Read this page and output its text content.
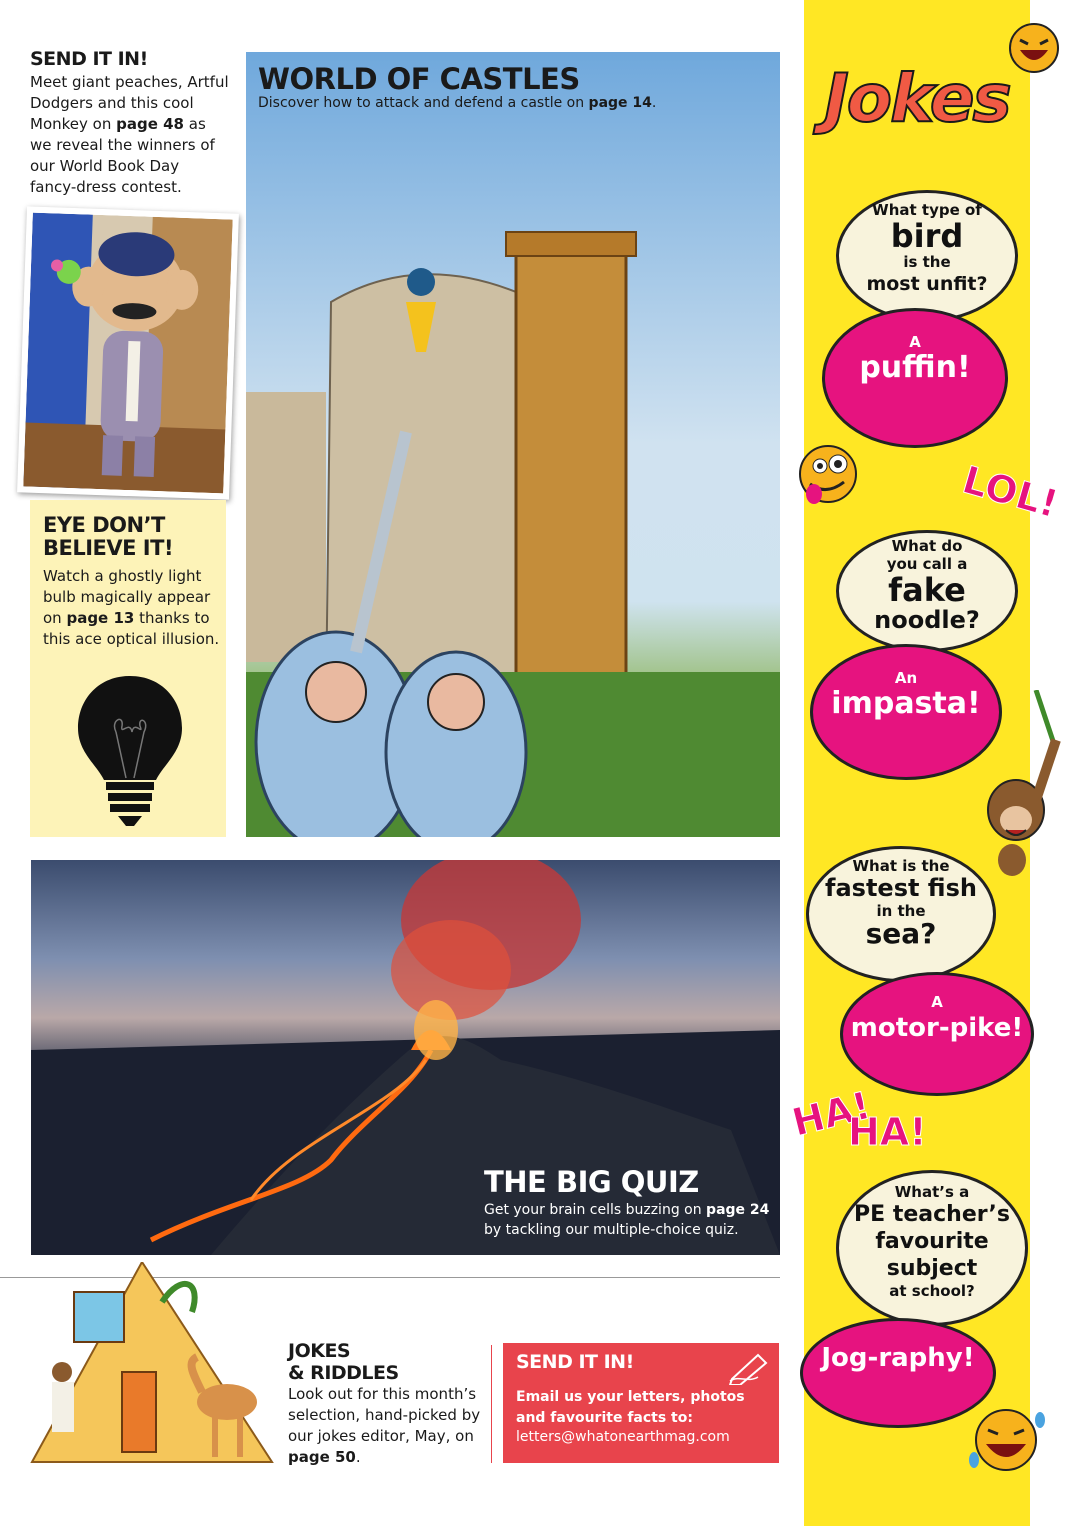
SEND IT IN!
Meet giant peaches, Artful Dodgers and this cool Monkey on page 48 as we reveal the winners of our World Book Day fancy-dress contest.
EYE DON’T
BELIEVE IT!
Watch a ghostly light bulb magically appear on page 13 thanks to this ace optical illusion.
WORLD OF CASTLES
Discover how to attack and defend a castle on page 14.
THE BIG QUIZ
Get your brain cells buzzing on page 24 by tackling our multiple-choice quiz.
JOKES
& RIDDLES
Look out for this month’s selection, hand-picked by our jokes editor, May, on page 50.
SEND IT IN!
Email us your letters, photos
and favourite facts to:
letters@whatonearthmag.com
Jokes
What type of
bird
is the
most unfit?
A
puffin!
LOL!
What do
you call a
fake
noodle?
An
impasta!
What is the
fastest fish
in the
sea?
A
motor-pike!
HA!
HA!
What’s a
PE teacher’s
favourite
subject
at school?
Jog-raphy!
